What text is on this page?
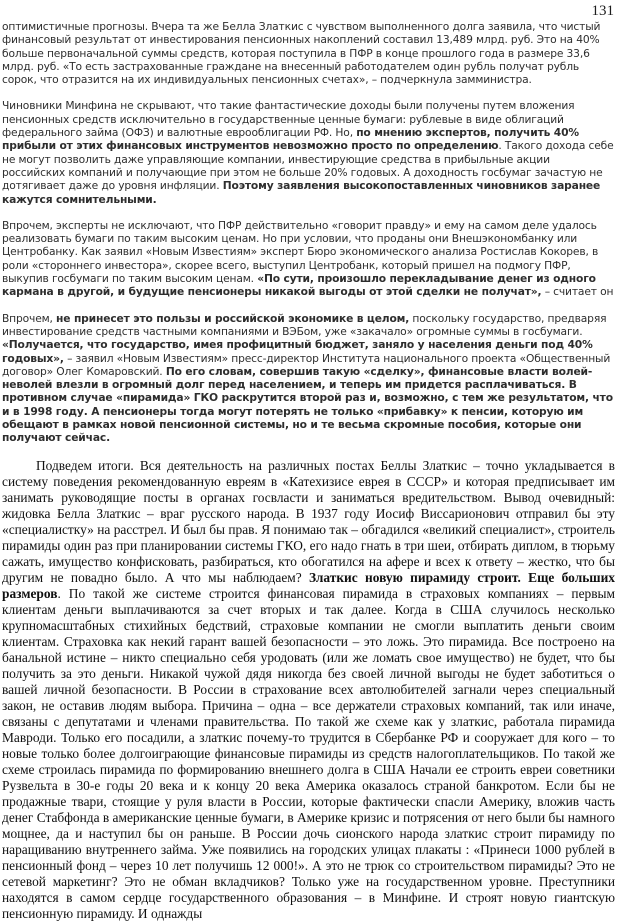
131

оптимистичные прогнозы. Вчера та же Белла Златкис с чувством выполненного долга заявила, что чистый финансовый результат от инвестирования пенсионных накоплений составил 13,489 млрд. руб. Это на 40% больше первоначальной суммы средств, которая поступила в ПФР в конце прошлого года в размере 33,6 млрд. руб. «То есть застрахованные граждане на внесенный работодателем один рубль получат рубль сорок, что отразится на их индивидуальных пенсионных счетах», – подчеркнула замминистра.

Чиновники Минфина не скрывают, что такие фантастические доходы были получены путем вложения пенсионных средств исключительно в государственные ценные бумаги: рублевые в виде облигаций федерального займа (ОФЗ) и валютные еврооблигации РФ. Но, по мнению экспертов, получить 40% прибыли от этих финансовых инструментов невозможно просто по определению. Такого дохода себе не могут позволить даже управляющие компании, инвестирующие средства в прибыльные акции российских компаний и получающие при этом не больше 20% годовых. А доходность госбумаг зачастую не дотягивает даже до уровня инфляции. Поэтому заявления высокопоставленных чиновников заранее кажутся сомнительными.

Впрочем, эксперты не исключают, что ПФР действительно «говорит правду» и ему на самом деле удалось реализовать бумаги по таким высоким ценам. Но при условии, что проданы они Внешэкономбанку или Центробанку. Как заявил «Новым Известиям» эксперт Бюро экономического анализа Ростислав Кокорев, в роли «стороннего инвестора», скорее всего, выступил Центробанк, который пришел на подмогу ПФР, выкупив госбумаги по таким высоким ценам. «По сути, произошло перекладывание денег из одного кармана в другой, и будущие пенсионеры никакой выгоды от этой сделки не получат», – считает он

Впрочем, не принесет это пользы и российской экономике в целом, поскольку государство, предваряя инвестирование средств частными компаниями и ВЭБом, уже «закачало» огромные суммы в госбумаги. «Получается, что государство, имея профицитный бюджет, заняло у населения деньги под 40% годовых», – заявил «Новым Известиям» пресс-директор Института национального проекта «Общественный договор» Олег Комаровский. По его словам, совершив такую «сделку», финансовые власти волей-неволей влезли в огромный долг перед населением, и теперь им придется расплачиваться. В противном случае «пирамида» ГКО раскрутится второй раз и, возможно, с тем же результатом, что и в 1998 году. А пенсионеры тогда могут потерять не только «прибавку» к пенсии, которую им обещают в рамках новой пенсионной системы, но и те весьма скромные пособия, которые они получают сейчас.

Подведем итоги. Вся деятельность на различных постах Беллы Златкис – точно укладывается в систему поведения рекомендованную евреям в «Катехизисе еврея в СССР» и которая предписывает им занимать руководящие посты в органах госвласти и заниматься вредительством. Вывод очевидный: жидовка Белла Златкис – враг русского народа. В 1937 году Иосиф Виссарионович отправил бы эту «специалистку» на расстрел. И был бы прав. Я понимаю так – обгадился «великий специалист», строитель пирамиды один раз при планировании системы ГКО, его надо гнать в три шеи, отбирать диплом, в тюрьму сажать, имущество конфисковать, разбираться, кто обогатился на афере и всех к ответу – жестко, что бы другим не повадно было. А что мы наблюдаем? Златкис новую пирамиду строит. Еще больших размеров. По такой же системе строится финансовая пирамида в страховых компаниях – первым клиентам деньги выплачиваются за счет вторых и так далее. Когда в США случилось несколько крупномасштабных стихийных бедствий, страховые компании не смогли выплатить деньги своим клиентам. Страховка как некий гарант вашей безопасности – это ложь. Это пирамида. Все построено на банальной истине – никто специально себя уродовать (или же ломать свое имущество) не будет, что бы получить за это деньги. Никакой чужой дядя никогда без своей личной выгоды не будет заботиться о вашей личной безопасности. В России в страхование всех автолюбителей загнали через специальный закон, не оставив людям выбора. Причина – одна – все держатели страховых компаний, так или иначе, связаны с депутатами и членами правительства. По такой же схеме как у златкис, работала пирамида Мавроди. Только его посадили, а златкис почему-то трудится в Сбербанке РФ и сооружает для кого – то новые только более долгоиграющие финансовые пирамиды из средств налогоплательщиков. По такой же схеме строилась пирамида по формированию внешнего долга в США Начали ее строить евреи советники Рузвельта в 30-е годы 20 века и к концу 20 века Америка оказалось страной банкротом. Если бы не продажные твари, стоящие у руля власти в России, которые фактически спасли Америку, вложив часть денег Стабфонда в американские ценные бумаги, в Америке кризис и потрясения от него были бы намного мощнее, да и наступил бы он раньше. В России дочь сионского народа златкис строит пирамиду по наращиванию внутреннего займа. Уже появились на городских улицах плакаты : «Принеси 1000 рублей в пенсионный фонд – через 10 лет получишь 12 000!». А это не трюк со строительством пирамиды? Это не сетевой маркетинг? Это не обман вкладчиков? Только уже на государственном уровне. Преступники находятся в самом сердце государственного образования – в Минфине. И строят новую гиантскую пенсионную пирамиду. И однажды
